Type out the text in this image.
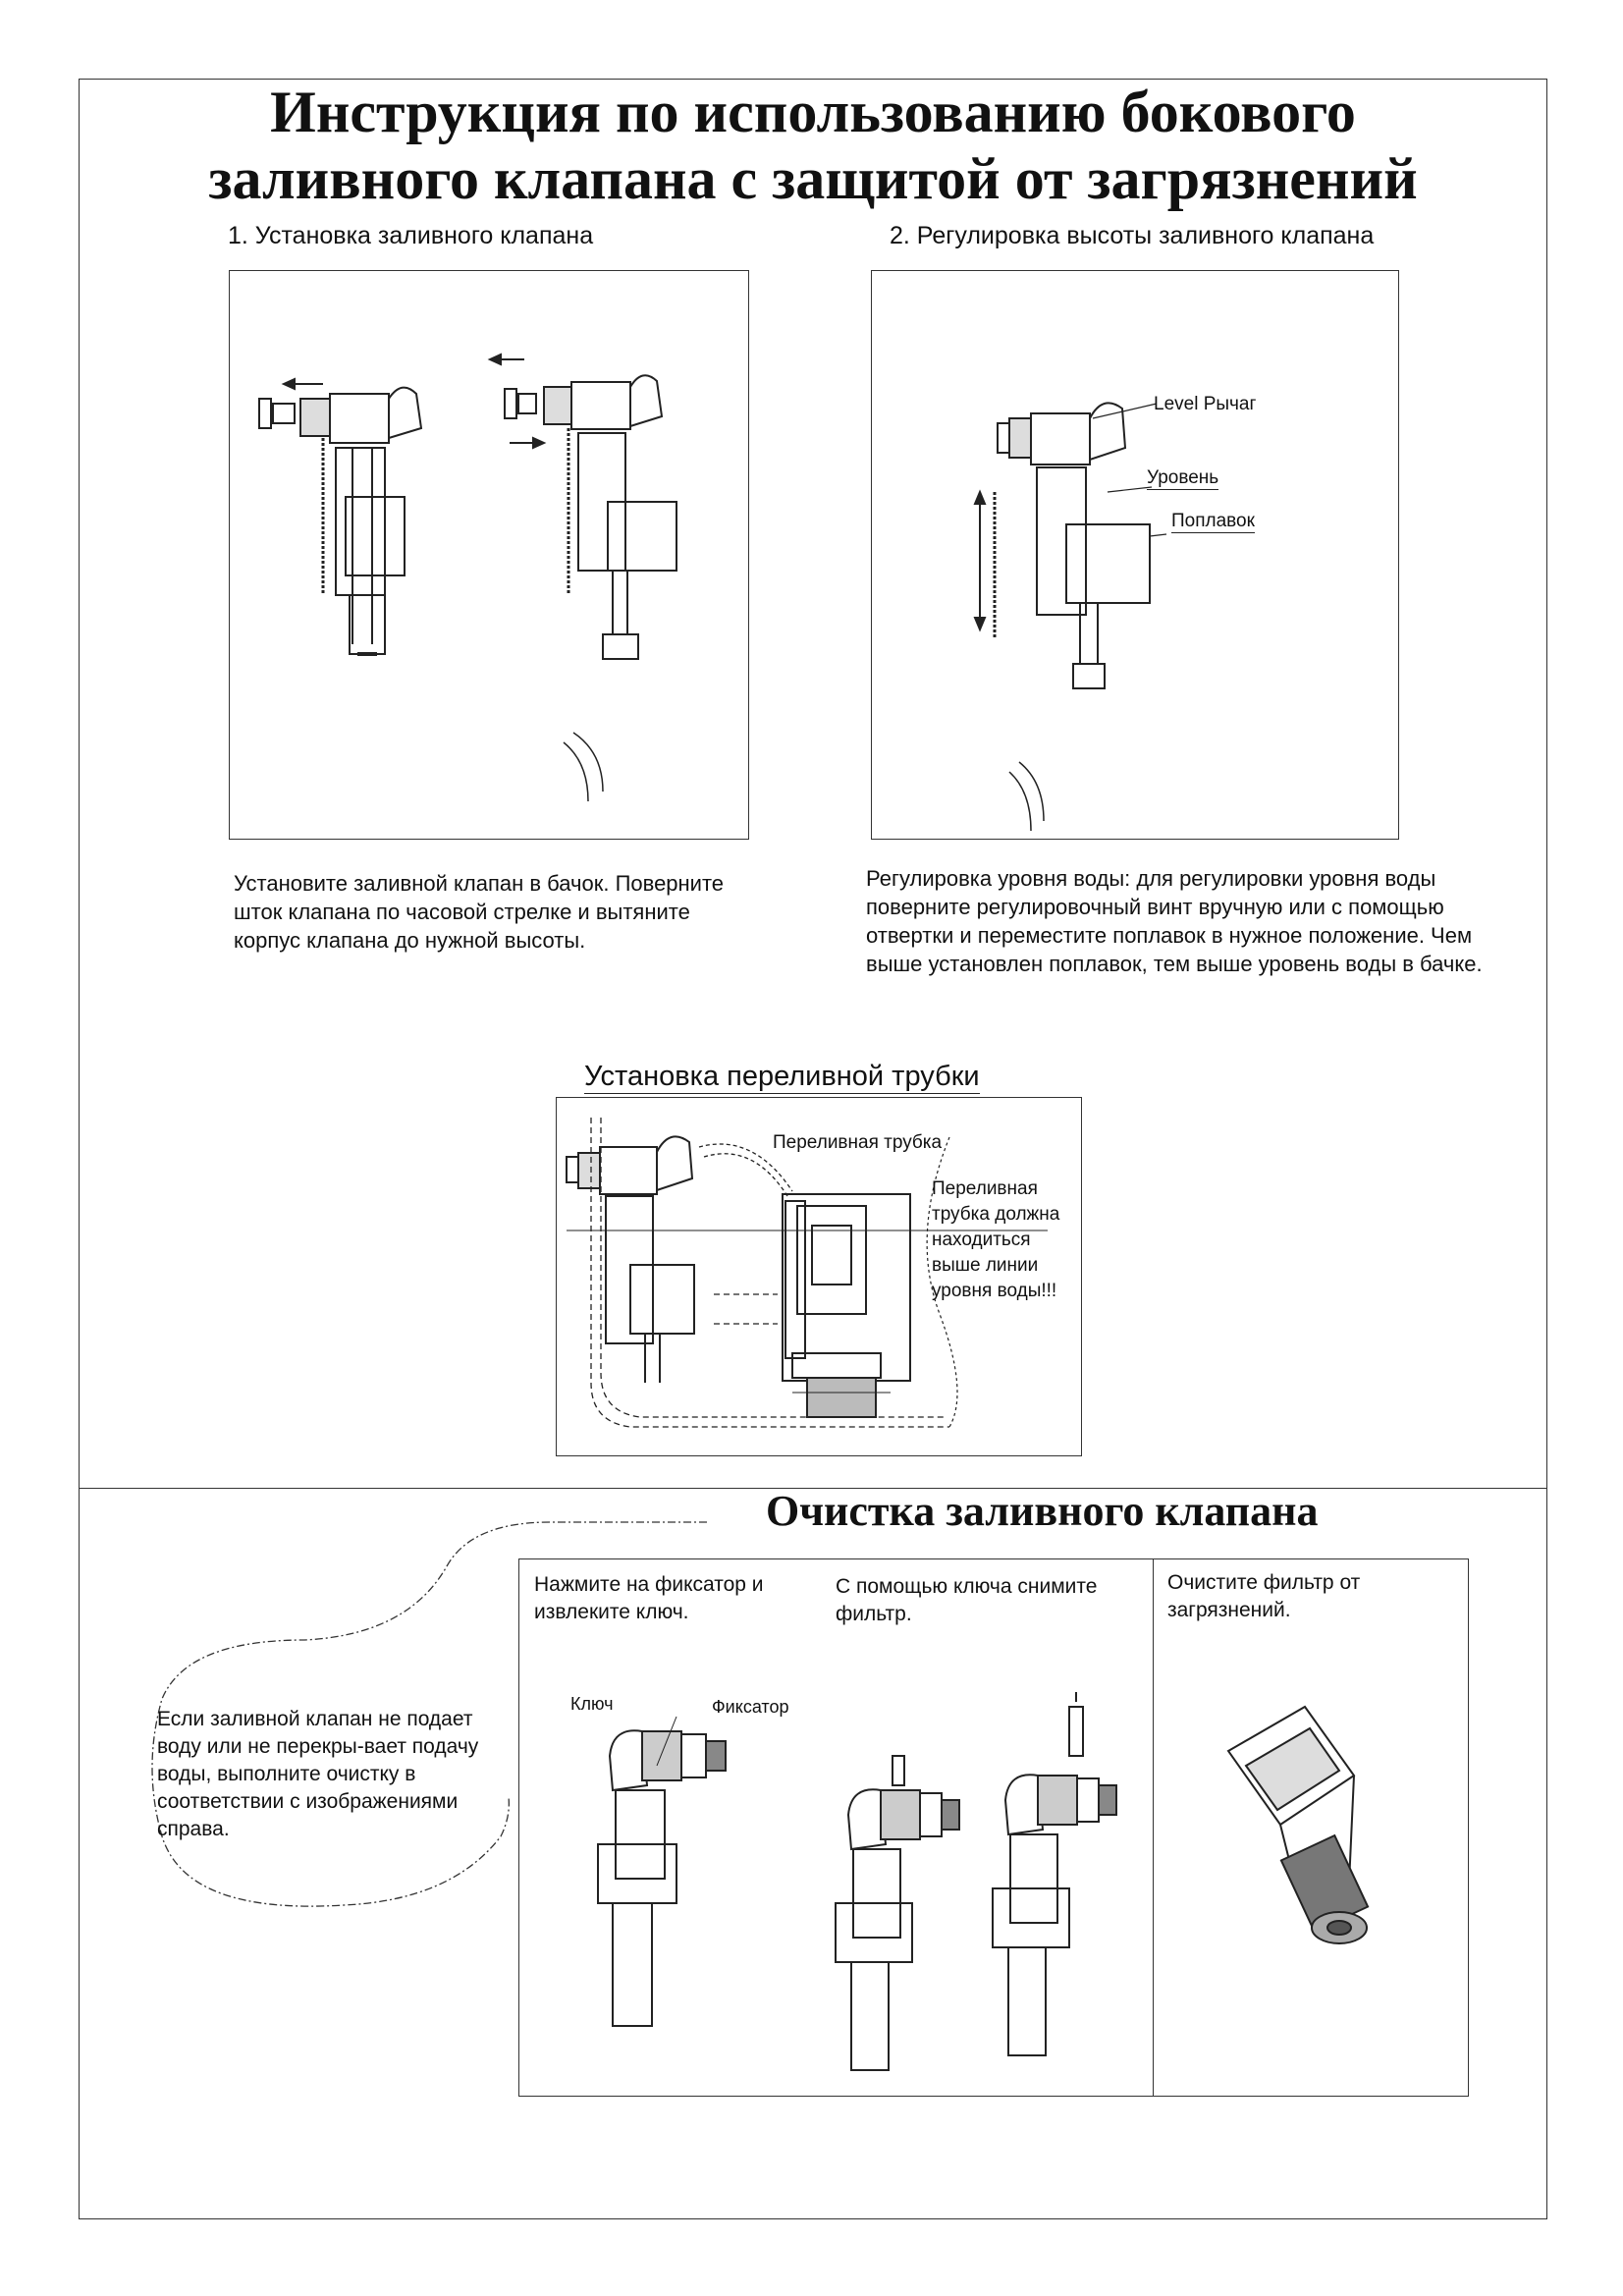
Инструкция по использованию бокового
заливного клапана с защитой от загрязнений
1. Установка заливного клапана
Установите заливной клапан в бачок. Поверните шток клапана по часовой стрелке и вытяните корпус клапана до нужной высоты.
2. Регулировка высоты заливного клапана
Level Рычаг
Уровень
Поплавок
Регулировка уровня воды: для регулировки уровня воды поверните регулировочный винт вручную или с помощью отвертки и переместите поплавок в нужное положение. Чем выше установлен поплавок, тем выше уровень воды в бачке.
Установка переливной трубки
Переливная трубка
Переливная трубка должна находиться выше линии уровня воды!!!
Очистка заливного клапана
Если заливной клапан не подает воду или не перекры-вает подачу воды, выполните очистку в соответствии с изображениями справа.
Нажмите на фиксатор и извлеките ключ.
С помощью ключа снимите фильтр.
Очистите фильтр от загрязнений.
Ключ	Фиксатор
